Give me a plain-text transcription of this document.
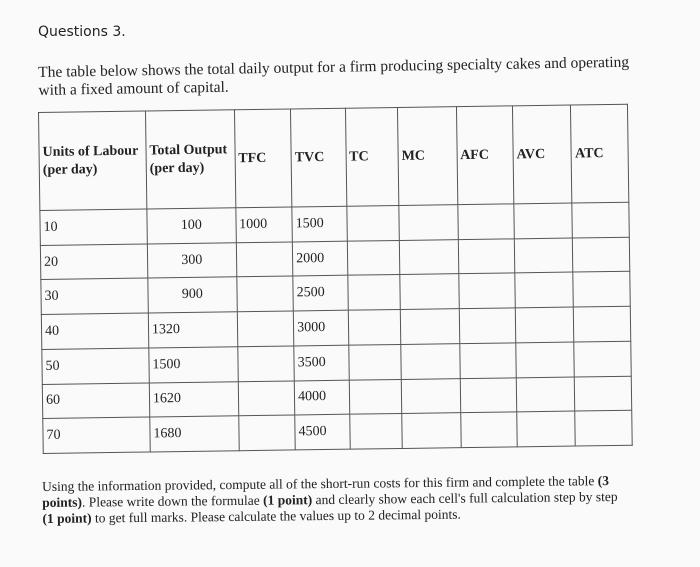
Questions 3.
The table below shows the total daily output for a firm producing specialty cakes and operating with a fixed amount of capital.
Units of Labour (per day)	Total Output (per day)	TFC	TVC	TC	MC	AFC	AVC	ATC
10	100	1000	1500					
20	300		2000					
30	900		2500					
40	1320		3000					
50	1500		3500					
60	1620		4000					
70	1680		4500					
Using the information provided, compute all of the short-run costs for this firm and complete the table (3 points). Please write down the formulae (1 point) and clearly show each cell's full calculation step by step (1 point) to get full marks. Please calculate the values up to 2 decimal points.
